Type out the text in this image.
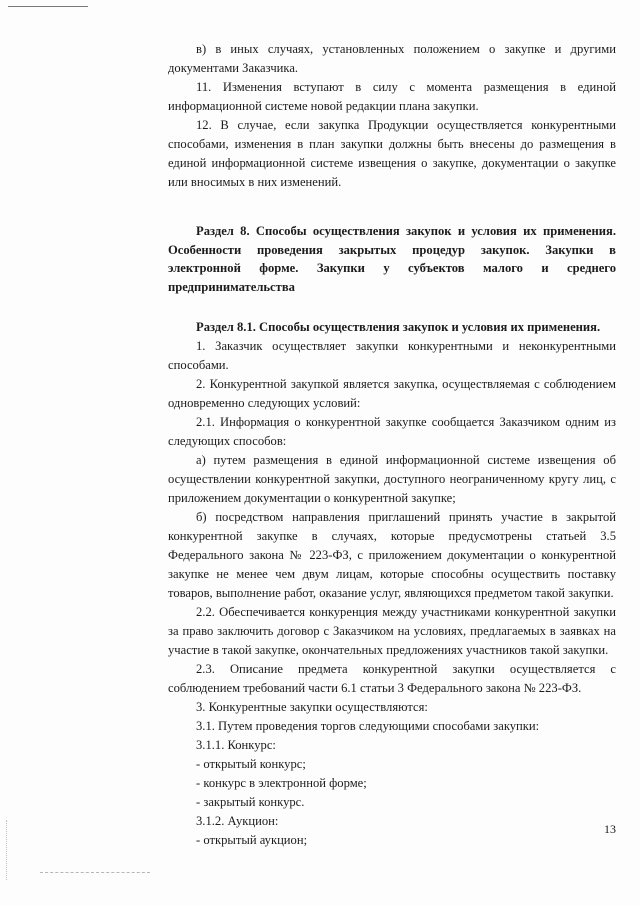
в) в иных случаях, установленных положением о закупке и другими документами Заказчика.

11. Изменения вступают в силу с момента размещения в единой информационной системе новой редакции плана закупки.

12. В случае, если закупка Продукции осуществляется конкурентными способами, изменения в план закупки должны быть внесены до размещения в единой информационной системе извещения о закупке, документации о закупке или вносимых в них изменений.

Раздел 8. Способы осуществления закупок и условия их применения. Особенности проведения закрытых процедур закупок. Закупки в электронной форме. Закупки у субъектов малого и среднего предпринимательства

Раздел 8.1. Способы осуществления закупок и условия их применения.

1. Заказчик осуществляет закупки конкурентными и неконкурентными способами.

2. Конкурентной закупкой является закупка, осуществляемая с соблюдением одновременно следующих условий:

2.1. Информация о конкурентной закупке сообщается Заказчиком одним из следующих способов:

а) путем размещения в единой информационной системе извещения об осуществлении конкурентной закупки, доступного неограниченному кругу лиц, с приложением документации о конкурентной закупке;

б) посредством направления приглашений принять участие в закрытой конкурентной закупке в случаях, которые предусмотрены статьей 3.5 Федерального закона № 223-ФЗ, с приложением документации о конкурентной закупке не менее чем двум лицам, которые способны осуществить поставку товаров, выполнение работ, оказание услуг, являющихся предметом такой закупки.

2.2. Обеспечивается конкуренция между участниками конкурентной закупки за право заключить договор с Заказчиком на условиях, предлагаемых в заявках на участие в такой закупке, окончательных предложениях участников такой закупки.

2.3. Описание предмета конкурентной закупки осуществляется с соблюдением требований части 6.1 статьи 3 Федерального закона № 223-ФЗ.

3. Конкурентные закупки осуществляются:

3.1. Путем проведения торгов следующими способами закупки:

3.1.1. Конкурс:

- открытый конкурс;

- конкурс в электронной форме;

- закрытый конкурс.

3.1.2. Аукцион:

- открытый аукцион;

13
